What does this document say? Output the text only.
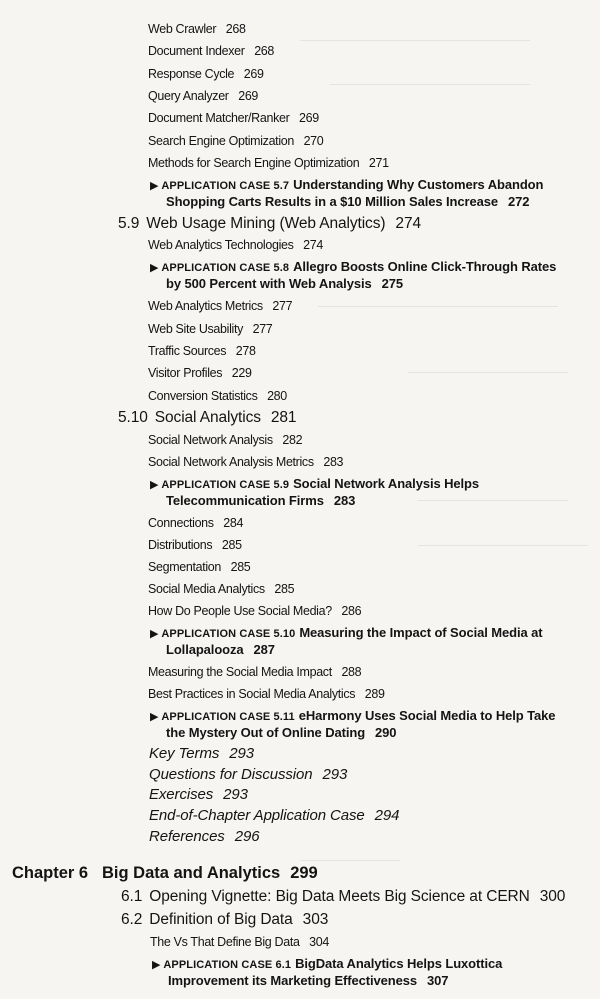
Web Crawler 268
Document Indexer 268
Response Cycle 269
Query Analyzer 269
Document Matcher/Ranker 269
Search Engine Optimization 270
Methods for Search Engine Optimization 271
▶ APPLICATION CASE 5.7 Understanding Why Customers Abandon
Shopping Carts Results in a $10 Million Sales Increase 272
5.9 Web Usage Mining (Web Analytics) 274
Web Analytics Technologies 274
▶ APPLICATION CASE 5.8 Allegro Boosts Online Click-Through Rates
by 500 Percent with Web Analysis 275
Web Analytics Metrics 277
Web Site Usability 277
Traffic Sources 278
Visitor Profiles 229
Conversion Statistics 280
5.10 Social Analytics 281
Social Network Analysis 282
Social Network Analysis Metrics 283
▶ APPLICATION CASE 5.9 Social Network Analysis Helps
Telecommunication Firms 283
Connections 284
Distributions 285
Segmentation 285
Social Media Analytics 285
How Do People Use Social Media? 286
▶ APPLICATION CASE 5.10 Measuring the Impact of Social Media at
Lollapalooza 287
Measuring the Social Media Impact 288
Best Practices in Social Media Analytics 289
▶ APPLICATION CASE 5.11 eHarmony Uses Social Media to Help Take
the Mystery Out of Online Dating 290
Key Terms 293
Questions for Discussion 293
Exercises 293
End-of-Chapter Application Case 294
References 296
Chapter 6 Big Data and Analytics 299
6.1 Opening Vignette: Big Data Meets Big Science at CERN 300
6.2 Definition of Big Data 303
The Vs That Define Big Data 304
▶ APPLICATION CASE 6.1 BigData Analytics Helps Luxottica
Improvement its Marketing Effectiveness 307
